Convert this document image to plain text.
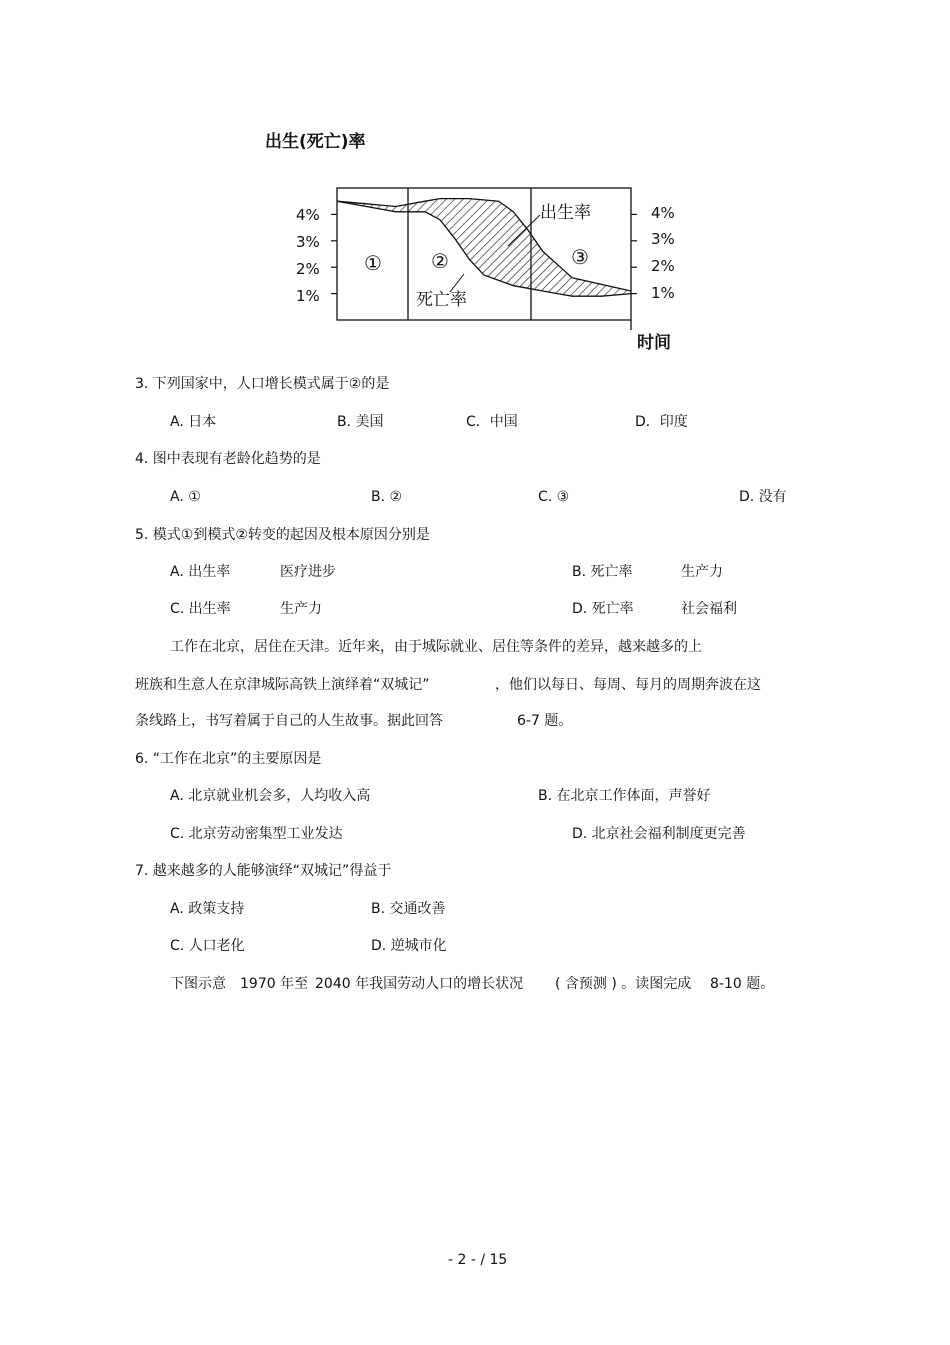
出生(死亡)率
4%
3%
2%
1%
4%
3%
2%
1%
① ②	③
出生率
死亡率
时间
3. 下列国家中，人口增长模式属于②的是
A. 日本	B. 美国	C．中国	D．印度
4. 图中表现有老龄化趋势的是
A. ①	B. ②	C. ③	D. 没有
5. 模式①到模式②转变的起因及根本原因分别是
A. 出生率	医疗进步	B. 死亡率	生产力
C. 出生率	生产力	D. 死亡率	社会福利
工作在北京，居住在天津。近年来，由于城际就业、居住等条件的差异，越来越多的上
班族和生意人在京津城际高铁上演绎着“双城记”	，他们以每日、每周、每月的周期奔波在这
条线路上，书写着属于自己的人生故事。据此回答	6-7 题。
6. “工作在北京”的主要原因是
A. 北京就业机会多，人均收入高	B. 在北京工作体面，声誉好
C. 北京劳动密集型工业发达	D. 北京社会福利制度更完善
7. 越来越多的人能够演绎“双城记”得益于
A. 政策支持	B. 交通改善
C. 人口老化	D. 逆城市化
下图示意 1970 年至 2040 年我国劳动人口的增长状况 ( 含预测 ) 。读图完成 8-10 题。
- 2 - / 15
